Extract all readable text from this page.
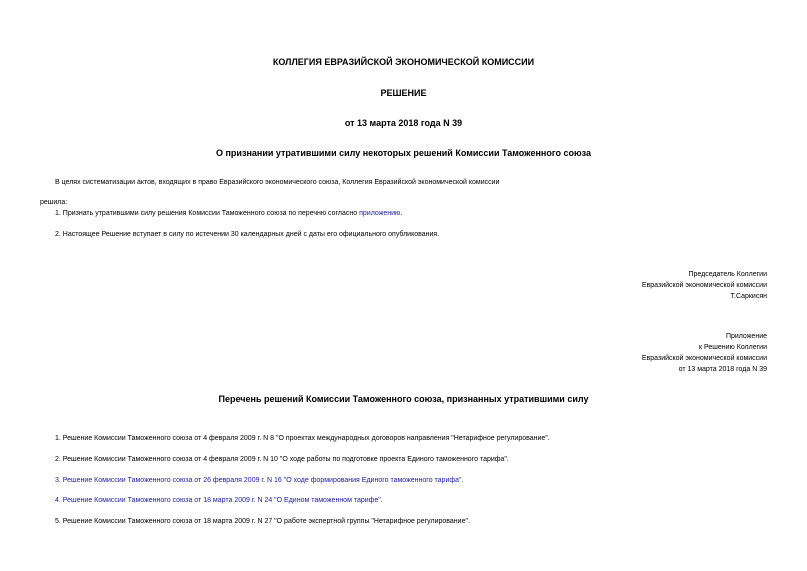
КОЛЛЕГИЯ ЕВРАЗИЙСКОЙ ЭКОНОМИЧЕСКОЙ КОМИССИИ
РЕШЕНИЕ
от 13 марта 2018 года N 39
О признании утратившими силу некоторых решений Комиссии Таможенного союза
В целях систематизации актов, входящих в право Евразийского экономического союза, Коллегия Евразийской экономической комиссии
решила:
1. Признать утратившими силу решения Комиссии Таможенного союза по перечню согласно приложению.
2. Настоящее Решение вступает в силу по истечении 30 календарных дней с даты его официального опубликования.
Председатель Коллегии
Евразийской экономической комиссии
Т.Саркисян
Приложение
к Решению Коллегии
Евразийской экономической комиссии
от 13 марта 2018 года N 39
Перечень решений Комиссии Таможенного союза, признанных утратившими силу
1. Решение Комиссии Таможенного союза от 4 февраля 2009 г. N 8 "О проектах международных договоров направления "Нетарифное регулирование".
2. Решение Комиссии Таможенного союза от 4 февраля 2009 г. N 10 "О ходе работы по подготовке проекта Единого таможенного тарифа".
3. Решение Комиссии Таможенного союза от 26 февраля 2009 г. N 16 "О ходе формирования Единого таможенного тарифа".
4. Решение Комиссии Таможенного союза от 18 марта 2009 г. N 24 "О Едином таможенном тарифе".
5. Решение Комиссии Таможенного союза от 18 марта 2009 г. N 27 "О работе экспертной группы "Нетарифное регулирование".
